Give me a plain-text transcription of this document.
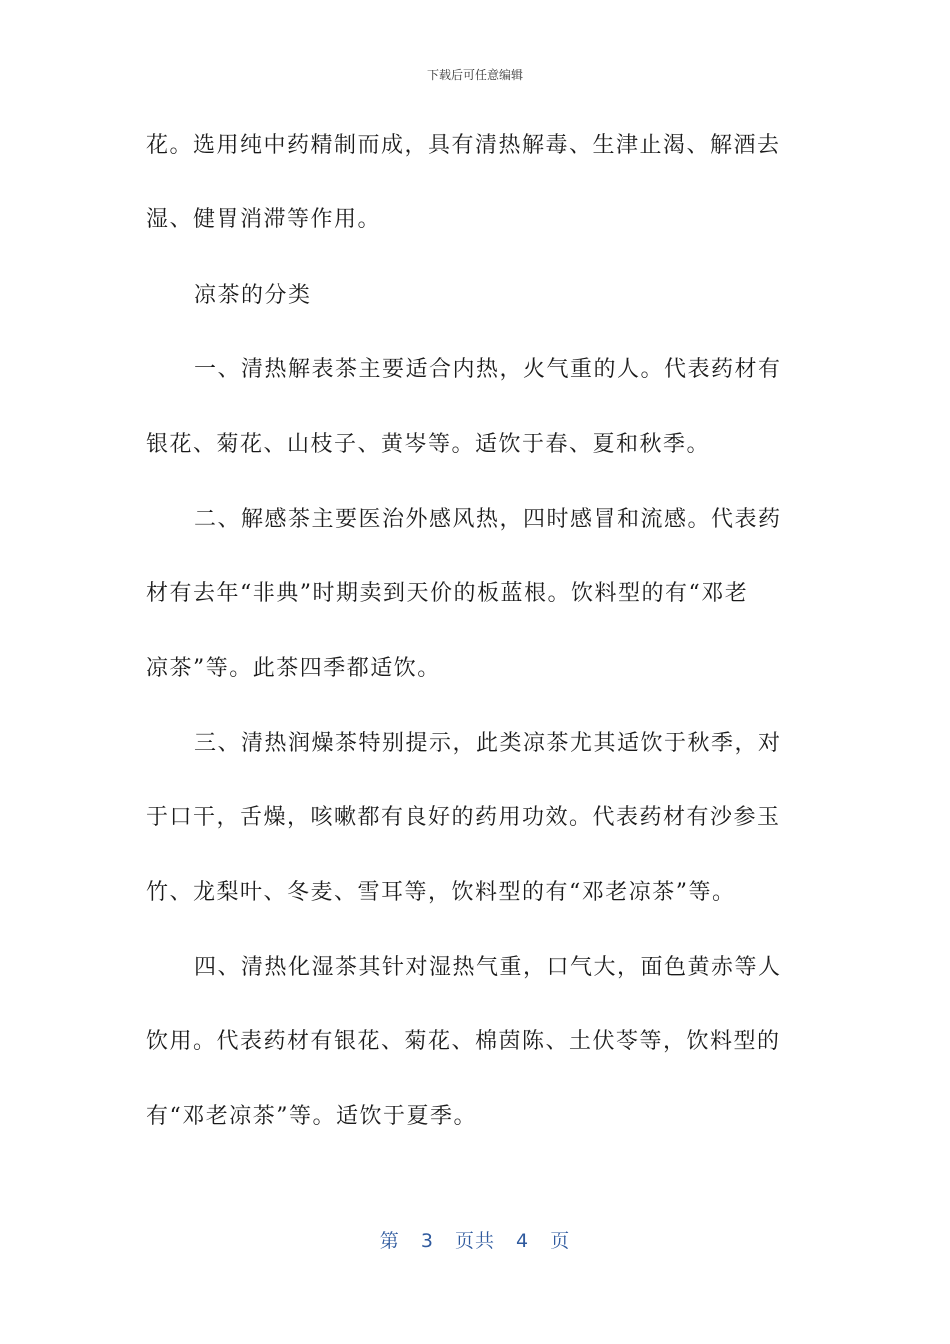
下载后可任意编辑
花。选用纯中药精制而成，具有清热解毒、生津止渴、解酒去
湿、健胃消滞等作用。
凉茶的分类
一、清热解表茶主要适合内热，火气重的人。代表药材有
银花、菊花、山枝子、黄岑等。适饮于春、夏和秋季。
二、解感茶主要医治外感风热，四时感冒和流感。代表药
材有去年“非典”时期卖到天价的板蓝根。饮料型的有“邓老
凉茶”等。此茶四季都适饮。
三、清热润燥茶特别提示，此类凉茶尤其适饮于秋季，对
于口干，舌燥，咳嗽都有良好的药用功效。代表药材有沙参玉
竹、龙梨叶、冬麦、雪耳等，饮料型的有“邓老凉茶”等。
四、清热化湿茶其针对湿热气重，口气大，面色黄赤等人
饮用。代表药材有银花、菊花、棉茵陈、土伏苓等，饮料型的
有“邓老凉茶”等。适饮于夏季。
第 3 页共 4 页
